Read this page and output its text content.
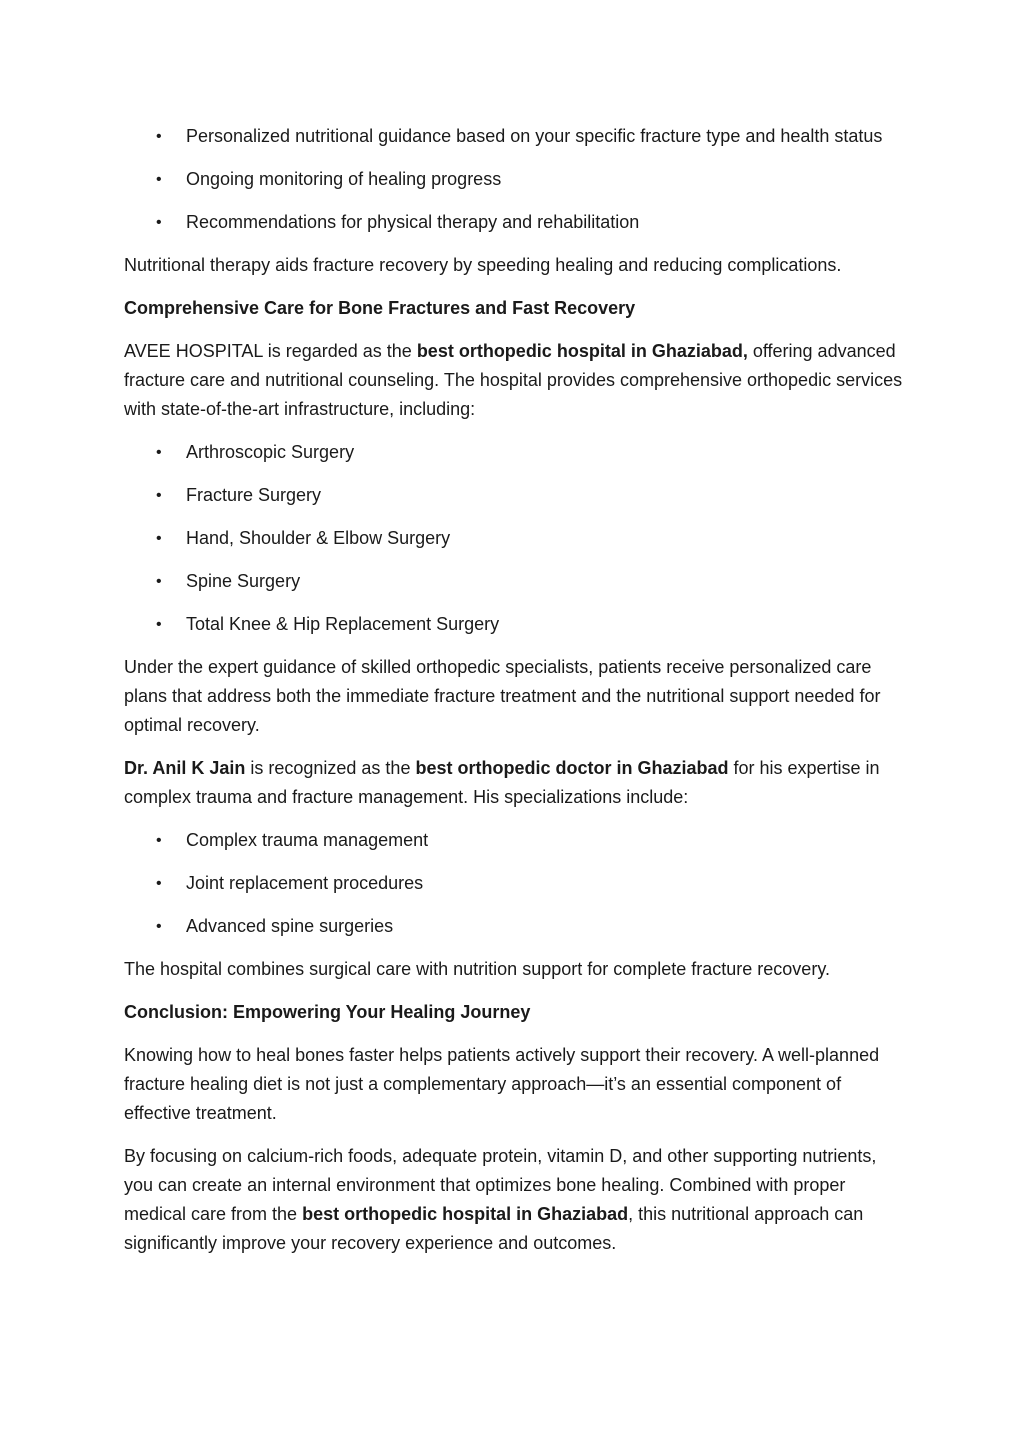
• Personalized nutritional guidance based on your specific fracture type and health status
• Ongoing monitoring of healing progress
• Recommendations for physical therapy and rehabilitation

Nutritional therapy aids fracture recovery by speeding healing and reducing complications.

Comprehensive Care for Bone Fractures and Fast Recovery

AVEE HOSPITAL is regarded as the best orthopedic hospital in Ghaziabad, offering advanced fracture care and nutritional counseling. The hospital provides comprehensive orthopedic services with state-of-the-art infrastructure, including:

• Arthroscopic Surgery
• Fracture Surgery
• Hand, Shoulder & Elbow Surgery
• Spine Surgery
• Total Knee & Hip Replacement Surgery

Under the expert guidance of skilled orthopedic specialists, patients receive personalized care plans that address both the immediate fracture treatment and the nutritional support needed for optimal recovery.

Dr. Anil K Jain is recognized as the best orthopedic doctor in Ghaziabad for his expertise in complex trauma and fracture management. His specializations include:

• Complex trauma management
• Joint replacement procedures
• Advanced spine surgeries

The hospital combines surgical care with nutrition support for complete fracture recovery.

Conclusion: Empowering Your Healing Journey

Knowing how to heal bones faster helps patients actively support their recovery. A well-planned fracture healing diet is not just a complementary approach—it’s an essential component of effective treatment.

By focusing on calcium-rich foods, adequate protein, vitamin D, and other supporting nutrients, you can create an internal environment that optimizes bone healing. Combined with proper medical care from the best orthopedic hospital in Ghaziabad, this nutritional approach can significantly improve your recovery experience and outcomes.
